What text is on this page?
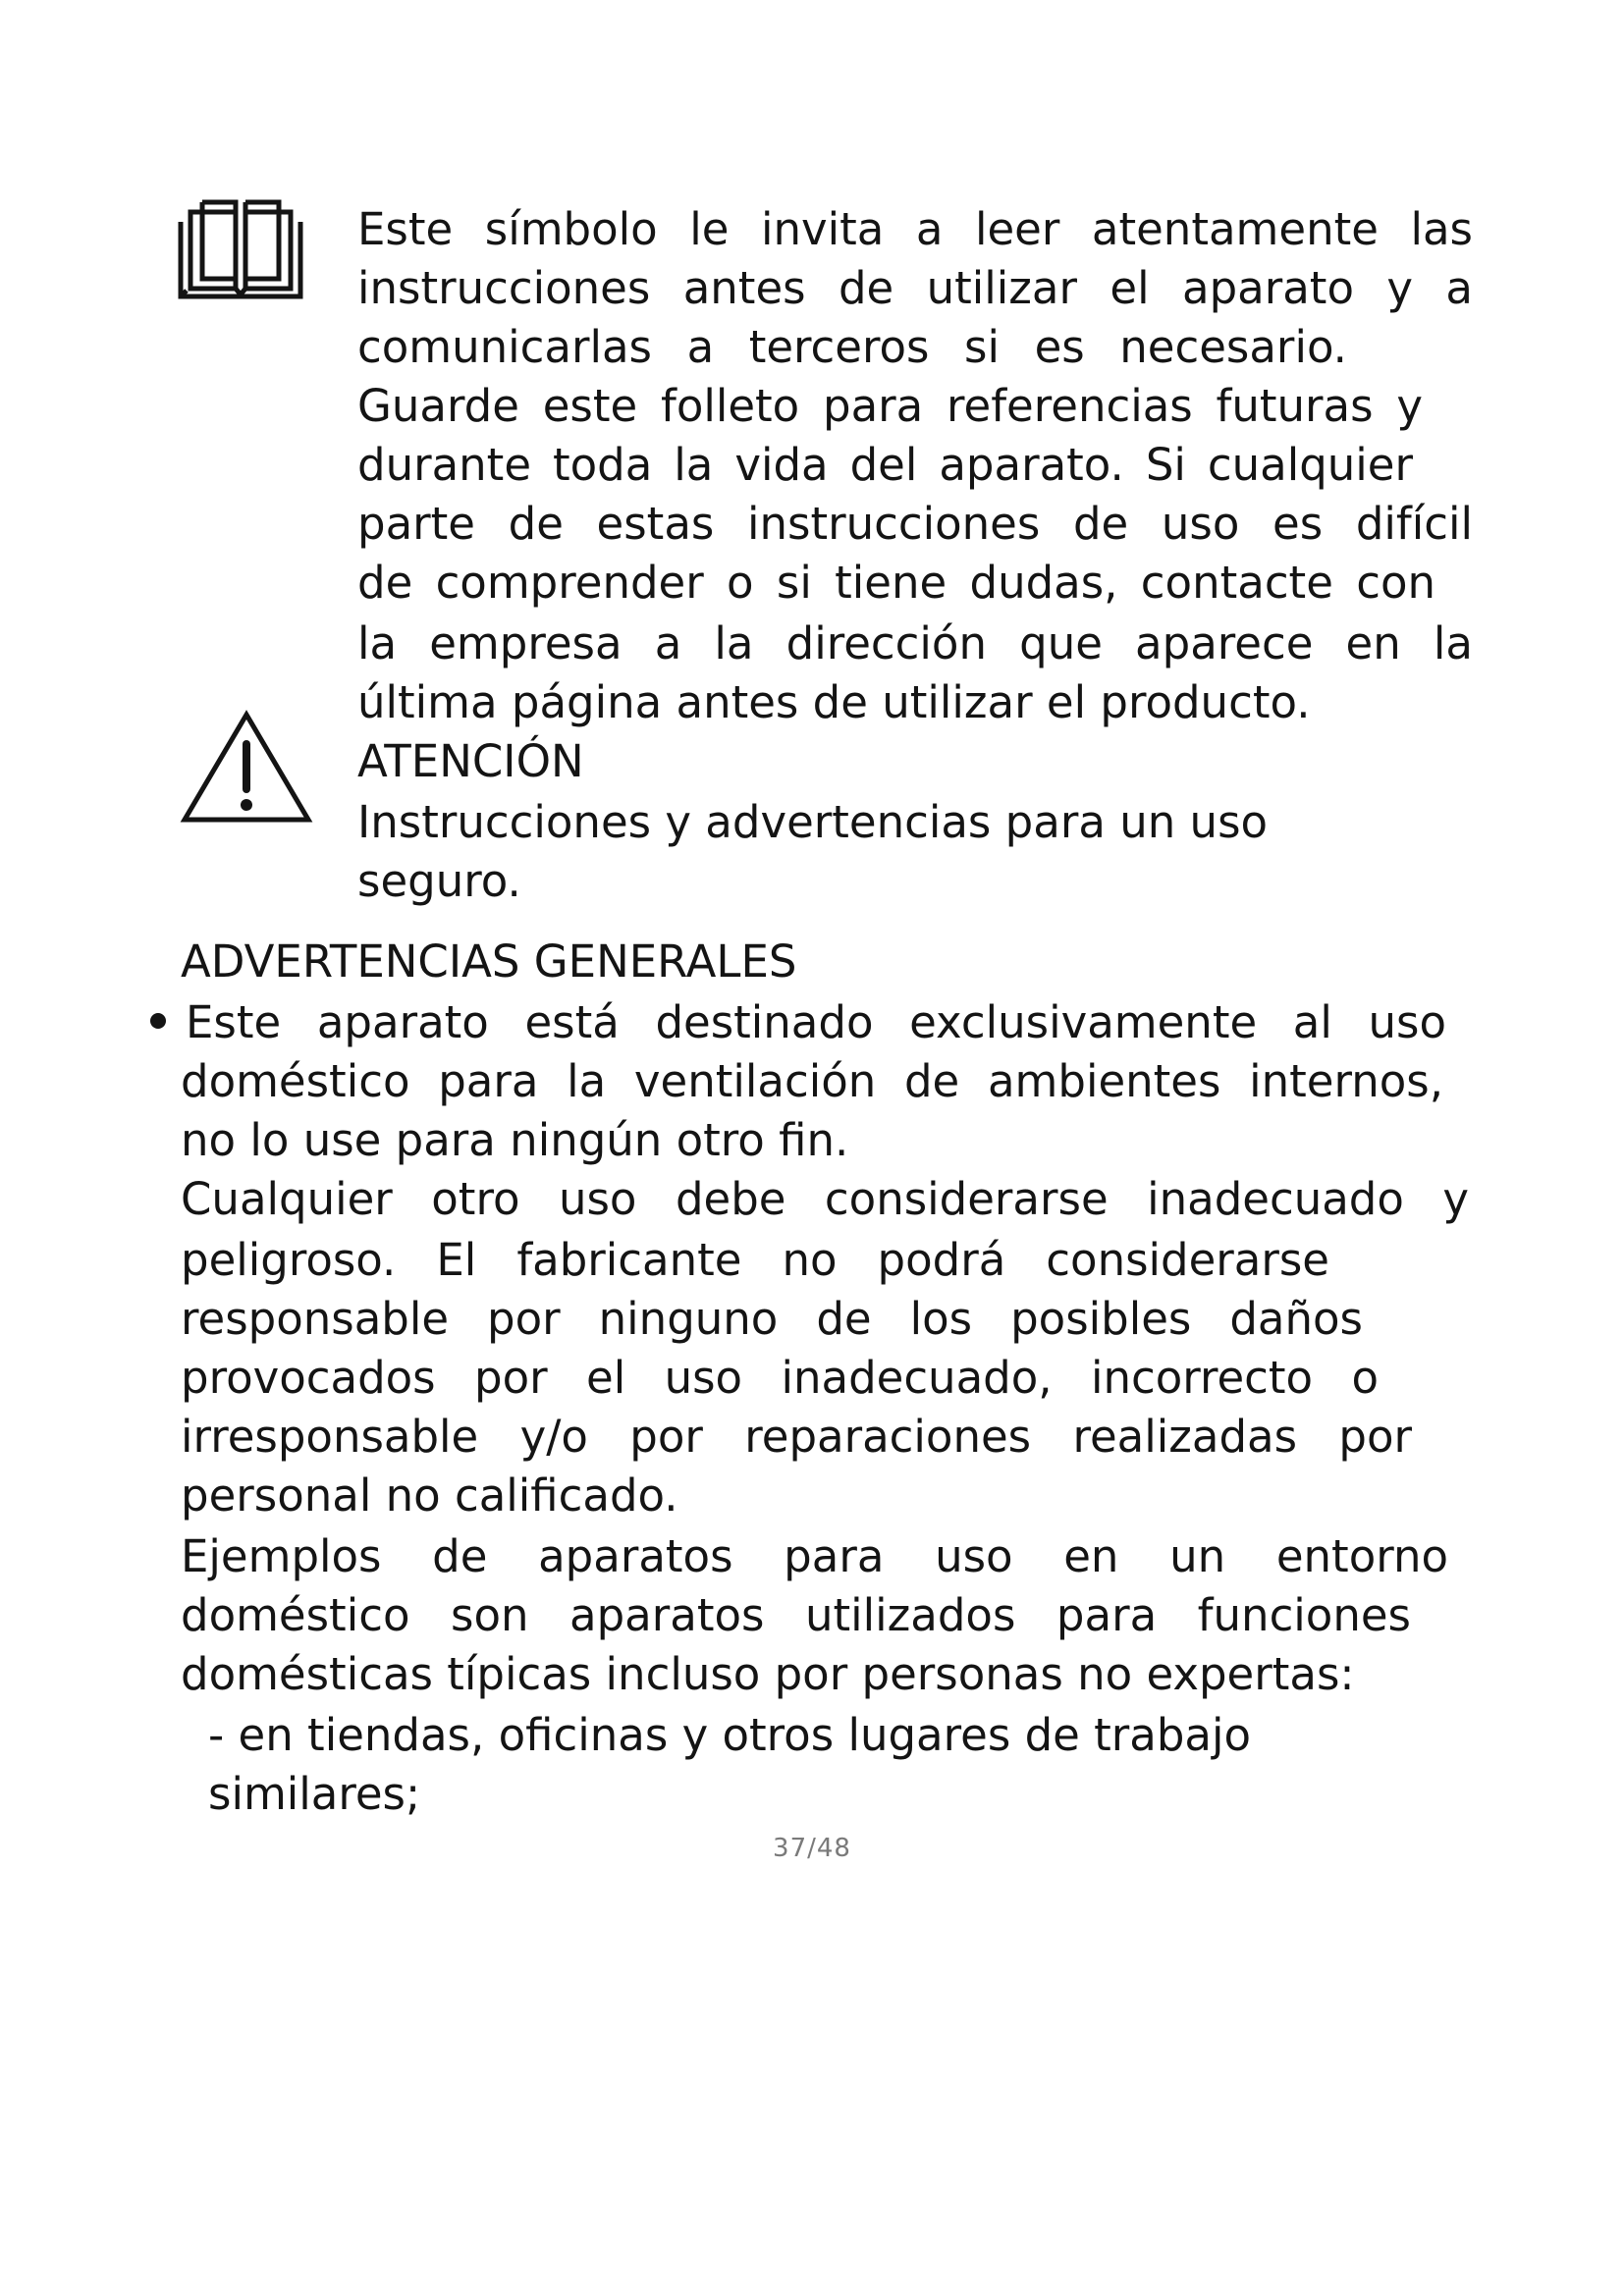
Este símbolo le invita a leer atentamente las

instrucciones antes de utilizar el aparato y a

comunicarlas a terceros si es necesario.

Guarde este folleto para referencias futuras y

durante toda la vida del aparato. Si cualquier

parte de estas instrucciones de uso es difícil

de comprender o si tiene dudas, contacte con

la empresa a la dirección que aparece en la

última página antes de utilizar el producto.

ATENCIÓN

Instrucciones y advertencias para un uso

seguro.

ADVERTENCIAS GENERALES

Este aparato está destinado exclusivamente al uso

doméstico para la ventilación de ambientes internos,

no lo use para ningún otro fin.

Cualquier otro uso debe considerarse inadecuado y

peligroso. El fabricante no podrá considerarse

responsable por ninguno de los posibles daños

provocados por el uso inadecuado, incorrecto o

irresponsable y/o por reparaciones realizadas por

personal no calificado.

Ejemplos de aparatos para uso en un entorno

doméstico son aparatos utilizados para funciones

domésticas típicas incluso por personas no expertas:

- en tiendas, oficinas y otros lugares de trabajo

similares;

37/48
